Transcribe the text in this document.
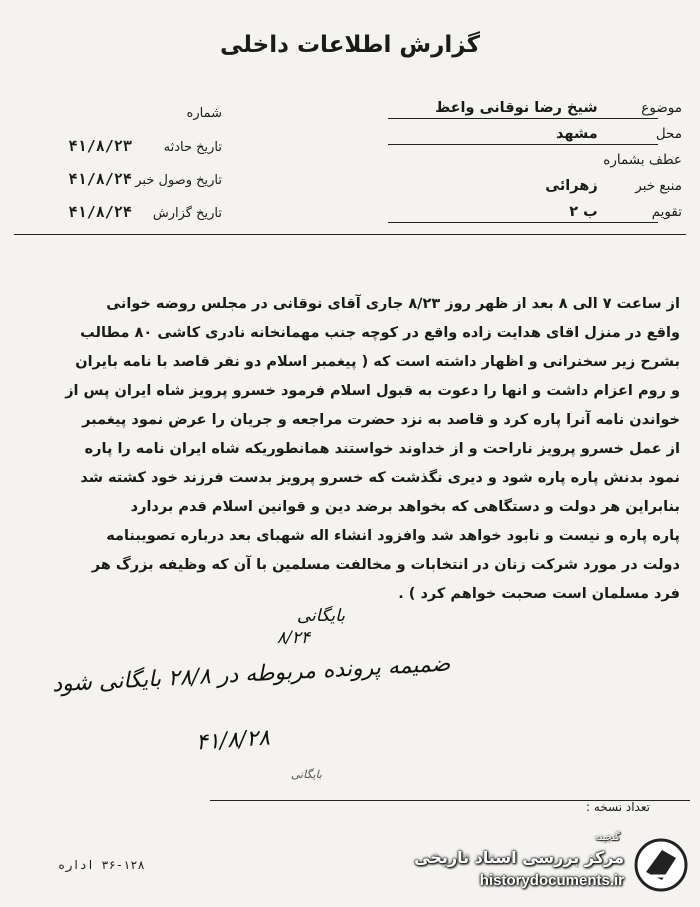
گزارش اطلاعات داخلی
موضوع شیخ رضا نوقانی واعظ
محل مشهد
عطف بشماره
منبع خبر زهرائی
تقویم ب ۲
شماره
تاریخ حادثه ۴۱/۸/۲۳
تاریخ وصول خبر ۴۱/۸/۲۴
تاریخ گزارش ۴۱/۸/۲۴
از ساعت ۷ الی ۸ بعد از ظهر روز ۸/۲۳ جاری آقای نوقانی در مجلس روضه خوانی
واقع در منزل اقای هدایت زاده واقع در کوچه جنب مهمانخانه نادری کاشی ۸۰ مطالب
بشرح زیر سخنرانی و اظهار داشته است که ( پیغمبر اسلام دو نفر قاصد با نامه بایران
و روم اعزام داشت و انها را دعوت به قبول اسلام فرمود خسرو پرویز شاه ایران پس از
خواندن نامه آنرا پاره کرد و قاصد به نزد حضرت مراجعه و جریان را عرض نمود پیغمبر
از عمل خسرو پرویز ناراحت و از خداوند خواستند همانطوریکه شاه ایران نامه را پاره
نمود بدنش پاره پاره شود و دیری نگذشت که خسرو پرویز بدست فرزند خود کشته شد
بنابراین هر دولت و دستگاهی که بخواهد برضد دین و قوانین اسلام قدم بردارد
پاره پاره و نیست و نابود خواهد شد وافزود انشاء اله شهبای بعد درباره تصویبنامه
دولت در مورد شرکت زنان در انتخابات و مخالفت مسلمین با آن که وظیفه بزرگ هر
فرد مسلمان است صحبت خواهم کرد ) .
بایگانی
۸/۲۴
ضمیمه پرونده مربوطه در ۲۸/۸ بایگانی شود
۴۱/۸/۲۸
بایگانی
تعداد نسخه :
۳۶-۱۲۸ اداره
گنجینه
مرکز بررسی اسناد تاریخی
historydocuments.ir
